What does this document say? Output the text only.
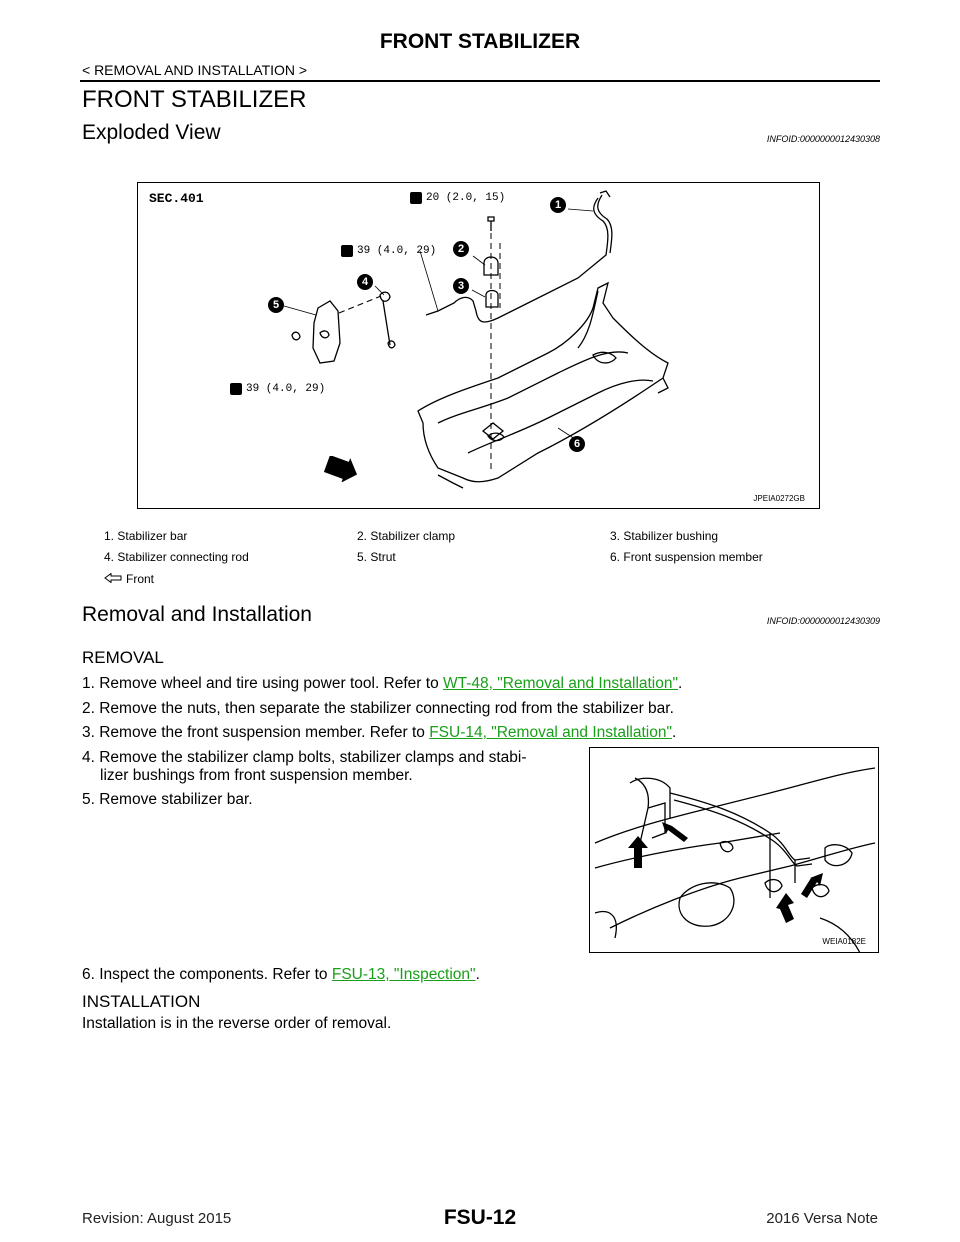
FRONT STABILIZER
< REMOVAL AND INSTALLATION >
FRONT STABILIZER
Exploded View	INFOID:0000000012430308
SEC.401	20 (2.0, 15)
39 (4.0, 29)
39 (4.0, 29)
1
2
3
4
5
6
JPEIA0272GB
1. Stabilizer bar	2. Stabilizer clamp	3. Stabilizer bushing
4. Stabilizer connecting rod	5. Strut	6. Front suspension member
Front
Removal and Installation	INFOID:0000000012430309
REMOVAL
1. Remove wheel and tire using power tool. Refer to WT-48, "Removal and Installation".
2. Remove the nuts, then separate the stabilizer connecting rod from the stabilizer bar.
3. Remove the front suspension member. Refer to FSU-14, "Removal and Installation".
4. Remove the stabilizer clamp bolts, stabilizer clamps and stabi-
lizer bushings from front suspension member.
5. Remove stabilizer bar.
WEIA0182E
6. Inspect the components. Refer to FSU-13, "Inspection".
INSTALLATION
Installation is in the reverse order of removal.
Revision: August 2015	FSU-12	2016 Versa Note
